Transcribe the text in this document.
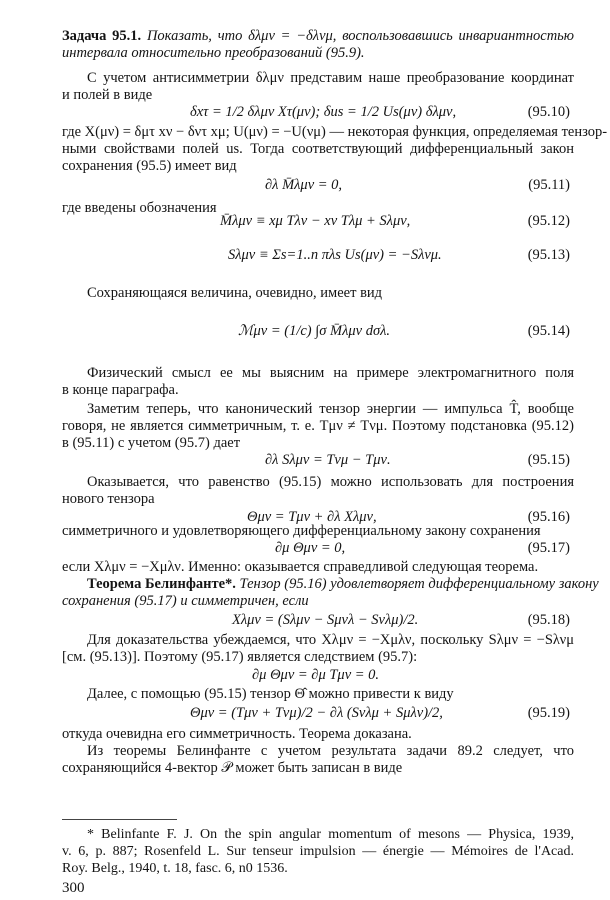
Задача 95.1. Показать, что δλμν = −δλνμ, воспользовавшись инвариантностью
интервала относительно преобразований (95.9).
С учетом антисимметрии δλμν представим наше преобразование координат
и полей в виде
δxτ = 1/2 δλμν Xτ(μν); δus = 1/2 Us(μν) δλμν,	(95.10)
где X(μν) = δμτ xν − δντ xμ; U(μν) = −U(νμ) — некоторая функция, определяемая тензор-
ными свойствами полей us. Тогда соответствующий дифференциальный закон
сохранения (95.5) имеет вид
∂λ M̄λμν = 0,	(95.11)
где введены обозначения
M̄λμν ≡ xμ Tλν − xν Tλμ + Sλμν,	(95.12)
Sλμν ≡ Σs=1..n πλs Us(μν) = −Sλνμ.	(95.13)
Сохраняющаяся величина, очевидно, имеет вид
ℳμν = (1/c) ∫σ M̄λμν dσλ.	(95.14)
Физический смысл ее мы выясним на примере электромагнитного поля
в конце параграфа.
Заметим теперь, что канонический тензор энергии — импульса T̂, вообще
говоря, не является симметричным, т. е. Tμν ≠ Tνμ. Поэтому подстановка (95.12)
в (95.11) с учетом (95.7) дает
∂λ Sλμν = Tνμ − Tμν.	(95.15)
Оказывается, что равенство (95.15) можно использовать для построения
нового тензора
Θμν = Tμν + ∂λ Xλμν,	(95.16)
симметричного и удовлетворяющего дифференциальному закону сохранения
∂μ Θμν = 0,	(95.17)
если Xλμν = −Xμλν. Именно: оказывается справедливой следующая теорема.
Теорема Белинфанте*. Тензор (95.16) удовлетворяет дифференциальному закону
сохранения (95.17) и симметричен, если
Xλμν = (Sλμν − Sμνλ − Sνλμ)/2.	(95.18)
Для доказательства убеждаемся, что Xλμν = −Xμλν, поскольку Sλμν = −Sλνμ
[см. (95.13)]. Поэтому (95.17) является следствием (95.7):
∂μ Θμν = ∂μ Tμν = 0.
Далее, с помощью (95.15) тензор Θ̂ можно привести к виду
Θμν = (Tμν + Tνμ)/2 − ∂λ (Sνλμ + Sμλν)/2,	(95.19)
откуда очевидна его симметричность. Теорема доказана.
Из теоремы Белинфанте с учетом результата задачи 89.2 следует, что
сохраняющийся 4-вектор 𝒫 может быть записан в виде
* Belinfante F. J. On the spin angular momentum of mesons — Physica, 1939,
v. 6, p. 887; Rosenfeld L. Sur tenseur impulsion — énergie — Mémoires de l'Acad.
Roy. Belg., 1940, t. 18, fasc. 6, n0 1536.
300
